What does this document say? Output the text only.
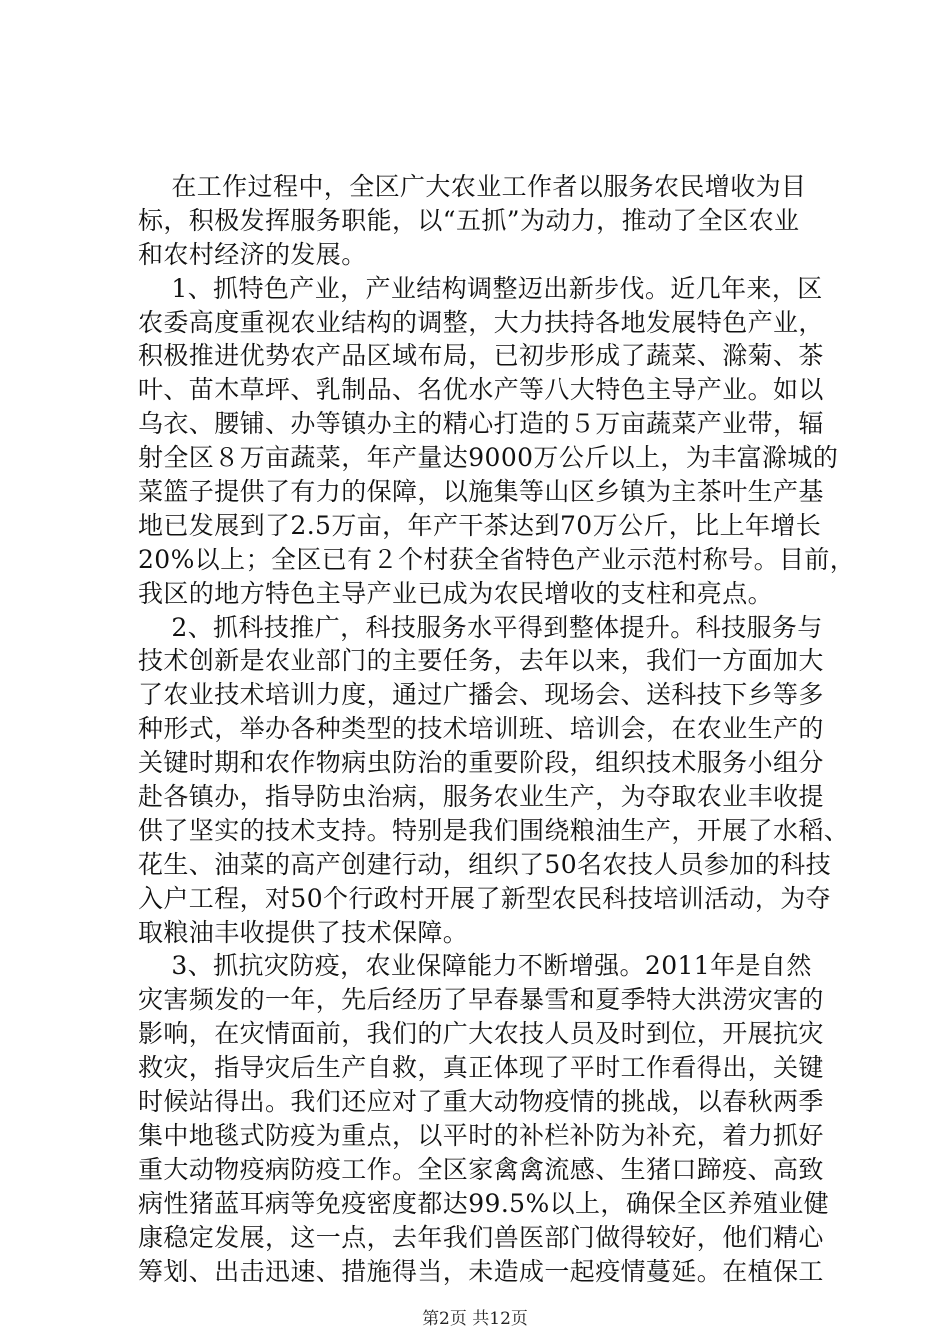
在工作过程中，全区广大农业工作者以服务农民增收为目
标，积极发挥服务职能，以“五抓”为动力，推动了全区农业
和农村经济的发展。
1、抓特色产业，产业结构调整迈出新步伐。近几年来，区
农委高度重视农业结构的调整，大力扶持各地发展特色产业，
积极推进优势农产品区域布局，已初步形成了蔬菜、滁菊、茶
叶、苗木草坪、乳制品、名优水产等八大特色主导产业。如以
乌衣、腰铺、办等镇办主的精心打造的５万亩蔬菜产业带，辐
射全区８万亩蔬菜，年产量达9000万公斤以上，为丰富滁城的
菜篮子提供了有力的保障，以施集等山区乡镇为主茶叶生产基
地已发展到了2.5万亩，年产干茶达到70万公斤，比上年增长
20%以上；全区已有２个村获全省特色产业示范村称号。目前，
我区的地方特色主导产业已成为农民增收的支柱和亮点。
2、抓科技推广，科技服务水平得到整体提升。科技服务与
技术创新是农业部门的主要任务，去年以来，我们一方面加大
了农业技术培训力度，通过广播会、现场会、送科技下乡等多
种形式，举办各种类型的技术培训班、培训会，在农业生产的
关键时期和农作物病虫防治的重要阶段，组织技术服务小组分
赴各镇办，指导防虫治病，服务农业生产，为夺取农业丰收提
供了坚实的技术支持。特别是我们围绕粮油生产，开展了水稻、
花生、油菜的高产创建行动，组织了50名农技人员参加的科技
入户工程，对50个行政村开展了新型农民科技培训活动，为夺
取粮油丰收提供了技术保障。
3、抓抗灾防疫，农业保障能力不断增强。2011年是自然
灾害频发的一年，先后经历了早春暴雪和夏季特大洪涝灾害的
影响，在灾情面前，我们的广大农技人员及时到位，开展抗灾
救灾，指导灾后生产自救，真正体现了平时工作看得出，关键
时候站得出。我们还应对了重大动物疫情的挑战，以春秋两季
集中地毯式防疫为重点，以平时的补栏补防为补充，着力抓好
重大动物疫病防疫工作。全区家禽禽流感、生猪口蹄疫、高致
病性猪蓝耳病等免疫密度都达99.5%以上，确保全区养殖业健
康稳定发展，这一点，去年我们兽医部门做得较好，他们精心
筹划、出击迅速、措施得当，未造成一起疫情蔓延。在植保工
第2页 共12页
